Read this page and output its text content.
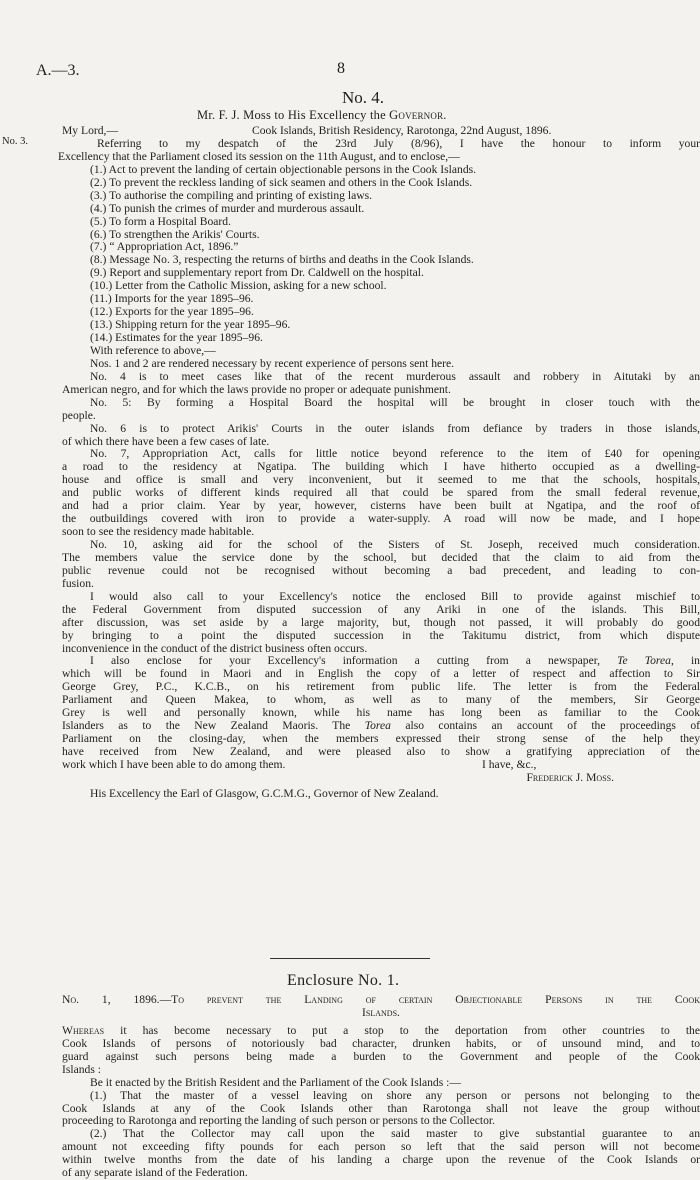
A.—3.	8
No. 4.
Mr. F. J. Moss to His Excellency the Governor.
No. 3.
My Lord,—	Cook Islands, British Residency, Rarotonga, 22nd August, 1896.
Referring to my despatch of the 23rd July (8/96), I have the honour to inform your
Excellency that the Parliament closed its session on the 11th August, and to enclose,—
(1.) Act to prevent the landing of certain objectionable persons in the Cook Islands.
(2.) To prevent the reckless landing of sick seamen and others in the Cook Islands.
(3.) To authorise the compiling and printing of existing laws.
(4.) To punish the crimes of murder and murderous assault.
(5.) To form a Hospital Board.
(6.) To strengthen the Arikis' Courts.
(7.) “ Appropriation Act, 1896.”
(8.) Message No. 3, respecting the returns of births and deaths in the Cook Islands.
(9.) Report and supplementary report from Dr. Caldwell on the hospital.
(10.) Letter from the Catholic Mission, asking for a new school.
(11.) Imports for the year 1895–96.
(12.) Exports for the year 1895–96.
(13.) Shipping return for the year 1895–96.
(14.) Estimates for the year 1895–96.
With reference to above,—
Nos. 1 and 2 are rendered necessary by recent experience of persons sent here.
No. 4 is to meet cases like that of the recent murderous assault and robbery in Aitutaki by an
American negro, and for which the laws provide no proper or adequate punishment.
No. 5: By forming a Hospital Board the hospital will be brought in closer touch with the
people.
No. 6 is to protect Arikis' Courts in the outer islands from defiance by traders in those islands,
of which there have been a few cases of late.
No. 7, Appropriation Act, calls for little notice beyond reference to the item of £40 for opening
a road to the residency at Ngatipa. The building which I have hitherto occupied as a dwelling-
house and office is small and very inconvenient, but it seemed to me that the schools, hospitals,
and public works of different kinds required all that could be spared from the small federal revenue,
and had a prior claim. Year by year, however, cisterns have been built at Ngatipa, and the roof of
the outbuildings covered with iron to provide a water-supply. A road will now be made, and I hope
soon to see the residency made habitable.
No. 10, asking aid for the school of the Sisters of St. Joseph, received much consideration.
The members value the service done by the school, but decided that the claim to aid from the
public revenue could not be recognised without becoming a bad precedent, and leading to con-
fusion.
I would also call to your Excellency's notice the enclosed Bill to provide against mischief to
the Federal Government from disputed succession of any Ariki in one of the islands. This Bill,
after discussion, was set aside by a large majority, but, though not passed, it will probably do good
by bringing to a point the disputed succession in the Takitumu district, from which dispute
inconvenience in the conduct of the district business often occurs.
I also enclose for your Excellency's information a cutting from a newspaper, Te Torea, in
which will be found in Maori and in English the copy of a letter of respect and affection to Sir
George Grey, P.C., K.C.B., on his retirement from public life. The letter is from the Federal
Parliament and Queen Makea, to whom, as well as to many of the members, Sir George
Grey is well and personally known, while his name has long been as familiar to the Cook
Islanders as to the New Zealand Maoris. The Torea also contains an account of the proceedings of
Parliament on the closing-day, when the members expressed their strong sense of the help they
have received from New Zealand, and were pleased also to show a gratifying appreciation of the
work which I have been able to do among them.	I have, &c.,
Frederick J. Moss.
His Excellency the Earl of Glasgow, G.C.M.G., Governor of New Zealand.
Enclosure No. 1.
No. 1, 1896.—To prevent the Landing of certain Objectionable Persons in the Cook
Islands.
Whereas it has become necessary to put a stop to the deportation from other countries to the
Cook Islands of persons of notoriously bad character, drunken habits, or of unsound mind, and to
guard against such persons being made a burden to the Government and people of the Cook
Islands :
Be it enacted by the British Resident and the Parliament of the Cook Islands :—
(1.) That the master of a vessel leaving on shore any person or persons not belonging to the
Cook Islands at any of the Cook Islands other than Rarotonga shall not leave the group without
proceeding to Rarotonga and reporting the landing of such person or persons to the Collector.
(2.) That the Collector may call upon the said master to give substantial guarantee to an
amount not exceeding fifty pounds for each person so left that the said person will not become
within twelve months from the date of his landing a charge upon the revenue of the Cook Islands or
of any separate island of the Federation.
